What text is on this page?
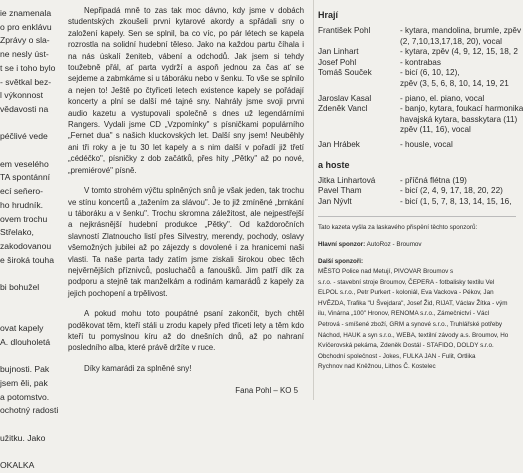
ie znamenala
o pro enklávu
Zprávy o sla-
ne nesly úst-
t se i toho bylo
- světkal bez-
l výkonnost
vědavosti na

péčlivé vede

em veselého
TA spontánní
ecí seňero-
ho hrudník.
ovem trochu
Střelako,
zakodovanou
e široká touha

bi bohužel

ovat kapely
A. dlouholetá

bujnosti. Pak
jsem ěli, pak
a potomstvo.
ochotný radosti

užitku. Jako

OKALKA

Nepřipadá mně to zas tak moc dávno, kdy jsme v dobách studentských zkoušeli prvni kytarové akordy a spřádali sny o založení kapely. Sen se splnil, ba co víc, po pár létech se kapela rozrostla na solidní hudební těleso. Jako na každou partu číhala i na nás úskalí ženiteb, vábení a odchodů. Jak jsem si tehdy toužebně přál, ať parta vydrží a aspoň jednou za čas ať se sejdeme a zabmkáme si u táboráku nebo v šenku. To vše se splnilo a nejen to! Ještě po čtyřiceti letech existence kapely se pořádají koncerty a plní se další mé tajné sny. Nahrály jsme svoji prvni audio kazetu a vystupovali společně s dnes už legendárními Rangers. Vydali jsme CD „Vzpomínky" s písničkami populárního „Fernet dua" s našich kluckovských let. Další sny jsem! Neuběhly ani tři roky a je tu 30 let kapely a s nim další v pořadí již třetí „cédéčko", písničky z dob začátků, přes hity „Pětky" až po nové, „premiérové" písně.

V tomto strohém výčtu splněných snů je však jeden, tak trochu ve stínu koncertů a „tažením za slávou". Je to již zmíněné „brnkání u táboráku a v šenku". Trochu skromna záležitost, ale nejpestřejší a nejkrásnější hudební produkce „Pětky". Od každoročních slavností Zlatnoucho listí přes Silvestry, merendy, pochody, oslavy všemožných jubilei až po zájezdy s dovolené i za hranicemi naši vlasti. Ta naše parta tady zatím jsme ziskali širokou obec těch nejvěrnějších příznivců, posluchačů a fanoušků. Jim patří dík za podporu a stejně tak manželkám a rodinám kamarádů z kapely za jejich pochopení a trpělivost.

A pokud mohu toto poupátné psaní zakončit, bych chtěl poděkovat těm, kteří stáli u zrodu kapely před třiceti lety a těm kdo kteří tu pomyslnou kíru až do dnešních dnů, až po nahraní posledního alba, které právě držíte v ruce.

Díky kamarádi za splněné sny!

Fana Pohl – KO 5
Hrají
František Pohl	- kytara, mandolina, brumle, zpěv
(2, 7,10,13,17,18, 20), vocal
Jan Linhart	- kytara, zpěv (4, 9, 12, 15, 18, 2
Josef Pohl	- kontrabas
Tomáš Souček	- bicí (6, 10, 12),
zpěv (3, 5, 6, 8, 10, 14, 19, 21
Jaroslav Kasal	- piano, el. piano, vocal
Zdeněk Vancl	- banjo, kytara, foukací harmonika
havajská kytara, basskytara (11)
zpěv (11, 16), vocal
Jan Hrábek	- housle, vocal
a hoste
Jitka Linhartová	- příčná flétna (19)
Pavel Tham	- bicí (2, 4, 9, 17, 18, 20, 22)
Jan Nývlt	- bicí (1, 5, 7, 8, 13, 14, 15, 16,
Tato kazeta vyšla za laskavého přispění těchto sponzorů:
Hlavní sponzor: AutoRoz - Broumov
Další sponzoři:
MĚSTO Police nad Metují, PIVOVAR Broumov s
s.r.o. - stavební stroje Broumov, ČEPERA - fotbalisky textilu Vel
ELPOL s.r.o., Petr Purkert - koloniál, Eva Vackova - Pékov, Jan
HVĚZDA, Trafika "U Švejdara", Josef Žid, RIJAT, Václav Žítka - vým
ilu, Vinárna „100" Hronov, RENOMA s.r.o., Zámečnictví - Václ
Petrová - smíšené zboží, GRM a synové s.r.o., Truhlářské potřeby
Náchod, HAUK a syn s.r.o., WEBA, textilní závody a.s. Broumov, Ho
Kvíčerovská pekárna, Zdeněk Dostál - STAFIDO, DOLDY s.r.o.
Obchodní společnost - Jokes, FULKA JAN - Fulit, Ortlika
Rychnov nad Kněžnou, Lithos Č. Kostelec
